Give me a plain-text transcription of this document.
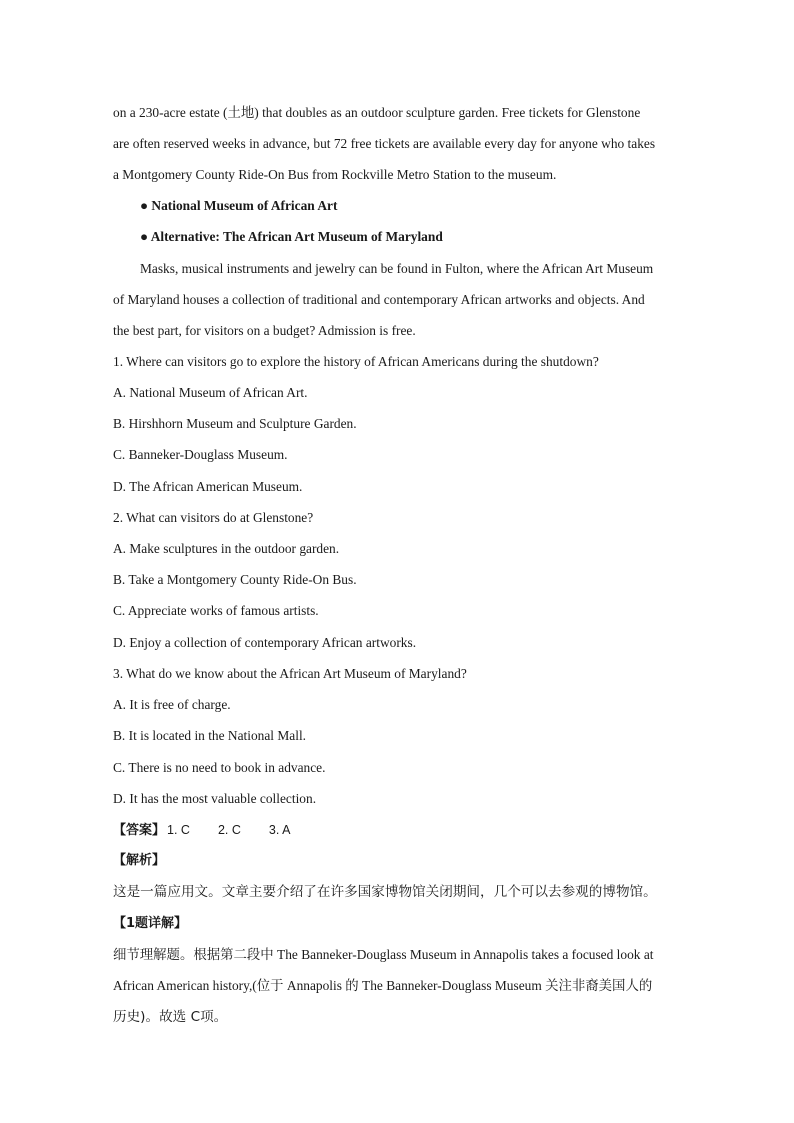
on a 230-acre estate (土地) that doubles as an outdoor sculpture garden. Free tickets for Glenstone
are often reserved weeks in advance, but 72 free tickets are available every day for anyone who takes
a Montgomery County Ride-On Bus from Rockville Metro Station to the museum.
● National Museum of African Art
● Alternative: The African Art Museum of Maryland
Masks, musical instruments and jewelry can be found in Fulton, where the African Art Museum
of Maryland houses a collection of traditional and contemporary African artworks and objects. And
the best part, for visitors on a budget? Admission is free.
1. Where can visitors go to explore the history of African Americans during the shutdown?
A. National Museum of African Art.
B. Hirshhorn Museum and Sculpture Garden.
C. Banneker-Douglass Museum.
D. The African American Museum.
2. What can visitors do at Glenstone?
A. Make sculptures in the outdoor garden.
B. Take a Montgomery County Ride-On Bus.
C. Appreciate works of famous artists.
D. Enjoy a collection of contemporary African artworks.
3. What do we know about the African Art Museum of Maryland?
A. It is free of charge.
B. It is located in the National Mall.
C. There is no need to book in advance.
D. It has the most valuable collection.
【答案】 1. C 2. C 3. A
【解析】
这是一篇应用文。文章主要介绍了在许多国家博物馆关闭期间，几个可以去参观的博物馆。
【1题详解】
细节理解题。根据第二段中 The Banneker-Douglass Museum in Annapolis takes a focused look at
African American history,(位于 Annapolis 的 The Banneker-Douglass Museum 关注非裔美国人的
历史)。故选 C项。
